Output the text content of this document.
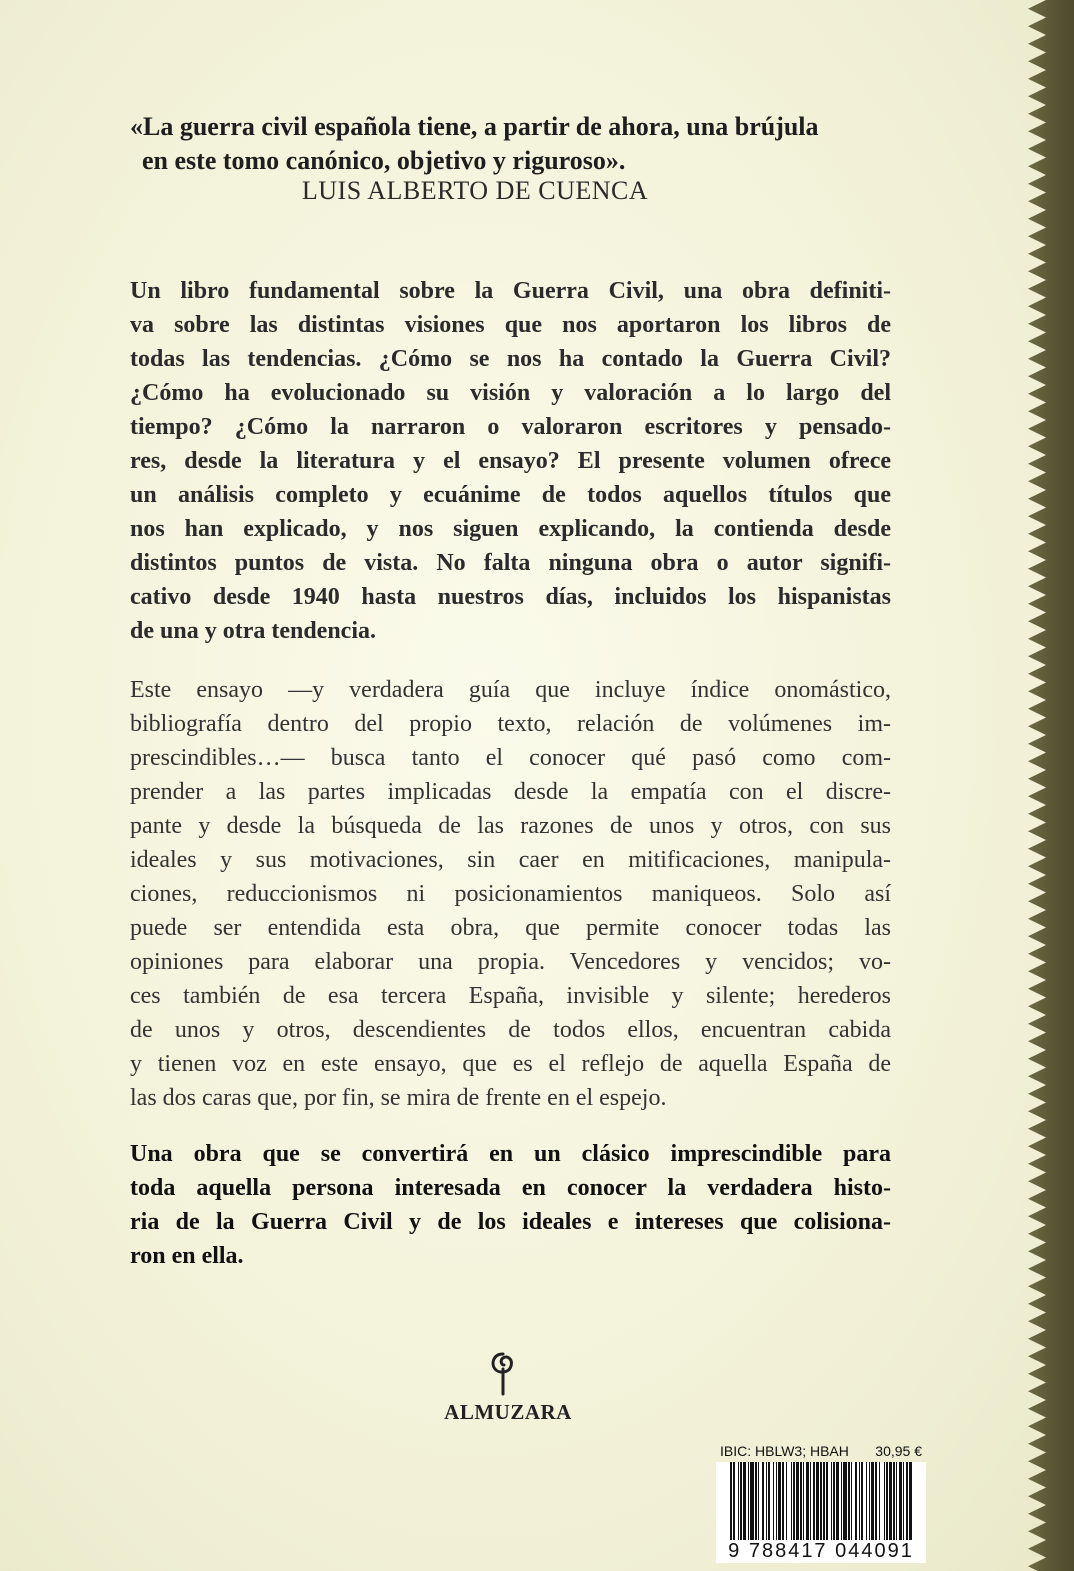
«La guerra civil española tiene, a partir de ahora, una brújula
en este tomo canónico, objetivo y riguroso».
LUIS ALBERTO DE CUENCA
Un libro fundamental sobre la Guerra Civil, una obra definiti-
va sobre las distintas visiones que nos aportaron los libros de
todas las tendencias. ¿Cómo se nos ha contado la Guerra Civil?
¿Cómo ha evolucionado su visión y valoración a lo largo del
tiempo? ¿Cómo la narraron o valoraron escritores y pensado-
res, desde la literatura y el ensayo? El presente volumen ofrece
un análisis completo y ecuánime de todos aquellos títulos que
nos han explicado, y nos siguen explicando, la contienda desde
distintos puntos de vista. No falta ninguna obra o autor signifi-
cativo desde 1940 hasta nuestros días, incluidos los hispanistas
de una y otra tendencia.
Este ensayo —y verdadera guía que incluye índice onomástico,
bibliografía dentro del propio texto, relación de volúmenes im-
prescindibles…— busca tanto el conocer qué pasó como com-
prender a las partes implicadas desde la empatía con el discre-
pante y desde la búsqueda de las razones de unos y otros, con sus
ideales y sus motivaciones, sin caer en mitificaciones, manipula-
ciones, reduccionismos ni posicionamientos maniqueos. Solo así
puede ser entendida esta obra, que permite conocer todas las
opiniones para elaborar una propia. Vencedores y vencidos; vo-
ces también de esa tercera España, invisible y silente; herederos
de unos y otros, descendientes de todos ellos, encuentran cabida
y tienen voz en este ensayo, que es el reflejo de aquella España de
las dos caras que, por fin, se mira de frente en el espejo.
Una obra que se convertirá en un clásico imprescindible para
toda aquella persona interesada en conocer la verdadera histo-
ria de la Guerra Civil y de los ideales e intereses que colisiona-
ron en ella.
ALMUZARA
IBIC: HBLW3; HBAH 30,95 €
9 788417 044091
